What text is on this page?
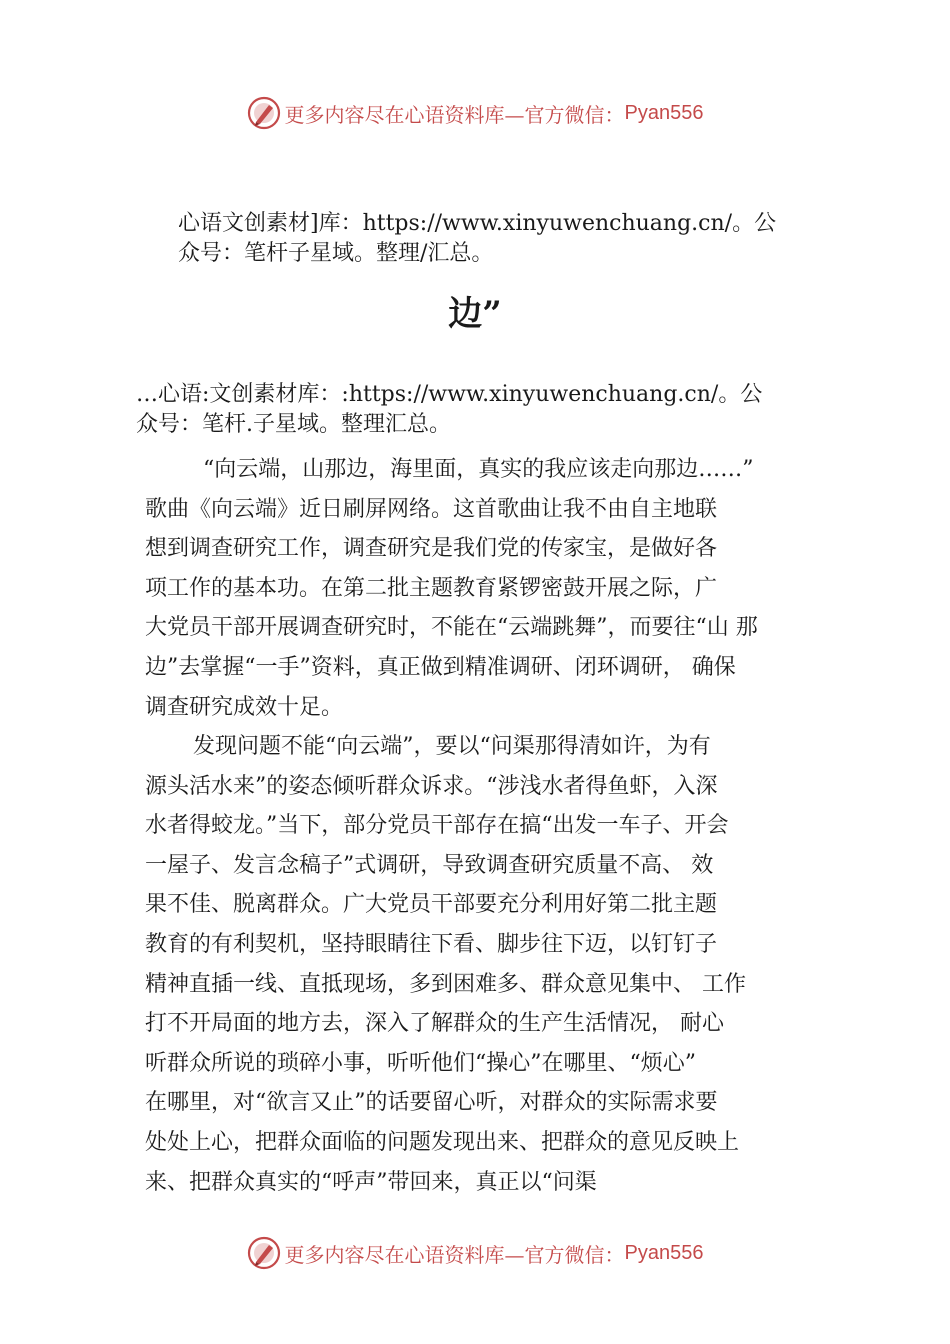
更多内容尽在心语资料库—官方微信： Pyan556
心语文创素材]库：https://www.xinyuwenchuang.cn/。公
众号：笔杆子星域。整理/汇总。
边”
…心语:文创素材库：:https://www.xinyuwenchuang.cn/。公
众号：笔杆.子星域。整理汇总。
“向云端，山那边，海里面，真实的我应该走向那边……”
歌曲《向云端》近日刷屏网络。这首歌曲让我不由自主地联
想到调查研究工作，调查研究是我们党的传家宝，是做好各
项工作的基本功。在第二批主题教育紧锣密鼓开展之际，广
大党员干部开展调查研究时，不能在“云端跳舞”，而要往“山 那
边”去掌握“一手”资料，真正做到精准调研、闭环调研， 确保
调查研究成效十足。
发现问题不能“向云端”，要以“问渠那得清如许，为有
源头活水来”的姿态倾听群众诉求。“涉浅水者得鱼虾，入深
水者得蛟龙。”当下，部分党员干部存在搞“出发一车子、开会
一屋子、发言念稿子”式调研，导致调查研究质量不高、 效
果不佳、脱离群众。广大党员干部要充分利用好第二批主题
教育的有利契机，坚持眼睛往下看、脚步往下迈，以钉钉子
精神直插一线、直抵现场，多到困难多、群众意见集中、 工作
打不开局面的地方去，深入了解群众的生产生活情况， 耐心
听群众所说的琐碎小事，听听他们“操心”在哪里、“烦心”
在哪里，对“欲言又止”的话要留心听，对群众的实际需求要
处处上心，把群众面临的问题发现出来、把群众的意见反映上
来、把群众真实的“呼声”带回来，真正以“问渠
更多内容尽在心语资料库—官方微信： Pyan556
